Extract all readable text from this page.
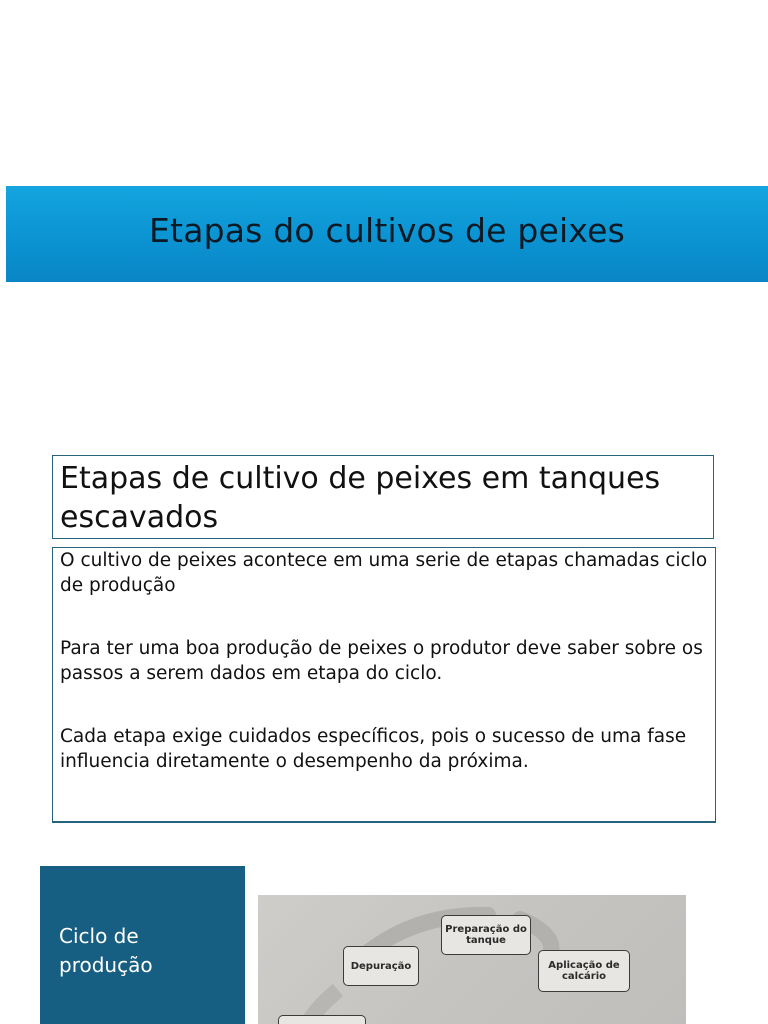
Etapas do cultivos de peixes
Etapas de cultivo de peixes em tanques escavados

O cultivo de peixes acontece em uma serie de etapas chamadas ciclo de produção

Para ter uma boa produção de peixes o produtor deve saber sobre os passos a serem dados em etapa do ciclo.

Cada etapa exige cuidados específicos, pois o sucesso de uma fase influencia diretamente o desempenho da próxima.

Ciclo de produção
Preparação do tanque
Depuração	Aplicação de calcário
